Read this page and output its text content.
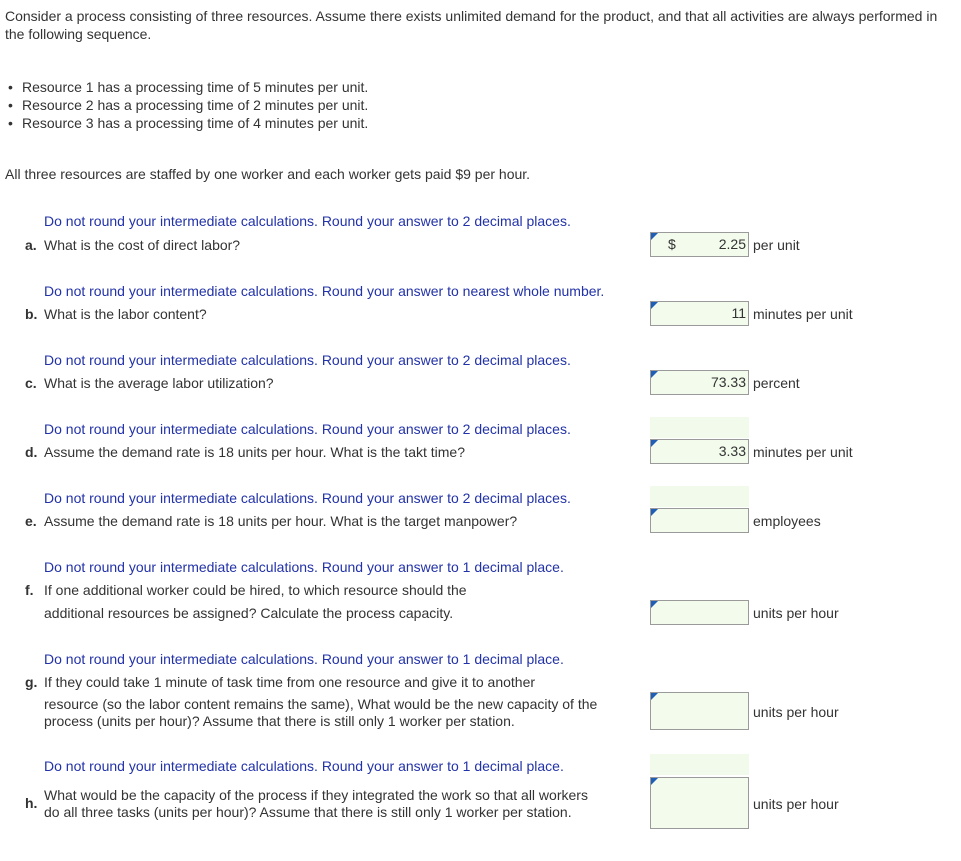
Consider a process consisting of three resources. Assume there exists unlimited demand for the product, and that all activities are always performed in the following sequence.
• Resource 1 has a processing time of 5 minutes per unit.
• Resource 2 has a processing time of 2 minutes per unit.
• Resource 3 has a processing time of 4 minutes per unit.
All three resources are staffed by one worker and each worker gets paid $9 per hour.
Do not round your intermediate calculations. Round your answer to 2 decimal places.
a. What is the cost of direct labor?	$	2.25 per unit
Do not round your intermediate calculations. Round your answer to nearest whole number.
b. What is the labor content?	11 minutes per unit
Do not round your intermediate calculations. Round your answer to 2 decimal places.
c. What is the average labor utilization?	73.33 percent
Do not round your intermediate calculations. Round your answer to 2 decimal places.
d. Assume the demand rate is 18 units per hour. What is the takt time?	3.33 minutes per unit
Do not round your intermediate calculations. Round your answer to 2 decimal places.
e. Assume the demand rate is 18 units per hour. What is the target manpower?	employees
Do not round your intermediate calculations. Round your answer to 1 decimal place.
f. If one additional worker could be hired, to which resource should the
additional resources be assigned? Calculate the process capacity.	units per hour
Do not round your intermediate calculations. Round your answer to 1 decimal place.
g. If they could take 1 minute of task time from one resource and give it to another
resource (so the labor content remains the same), What would be the new capacity of the
process (units per hour)? Assume that there is still only 1 worker per station.
units per hour
Do not round your intermediate calculations. Round your answer to 1 decimal place.
h. What would be the capacity of the process if they integrated the work so that all workers
do all three tasks (units per hour)? Assume that there is still only 1 worker per station.	units per hour
